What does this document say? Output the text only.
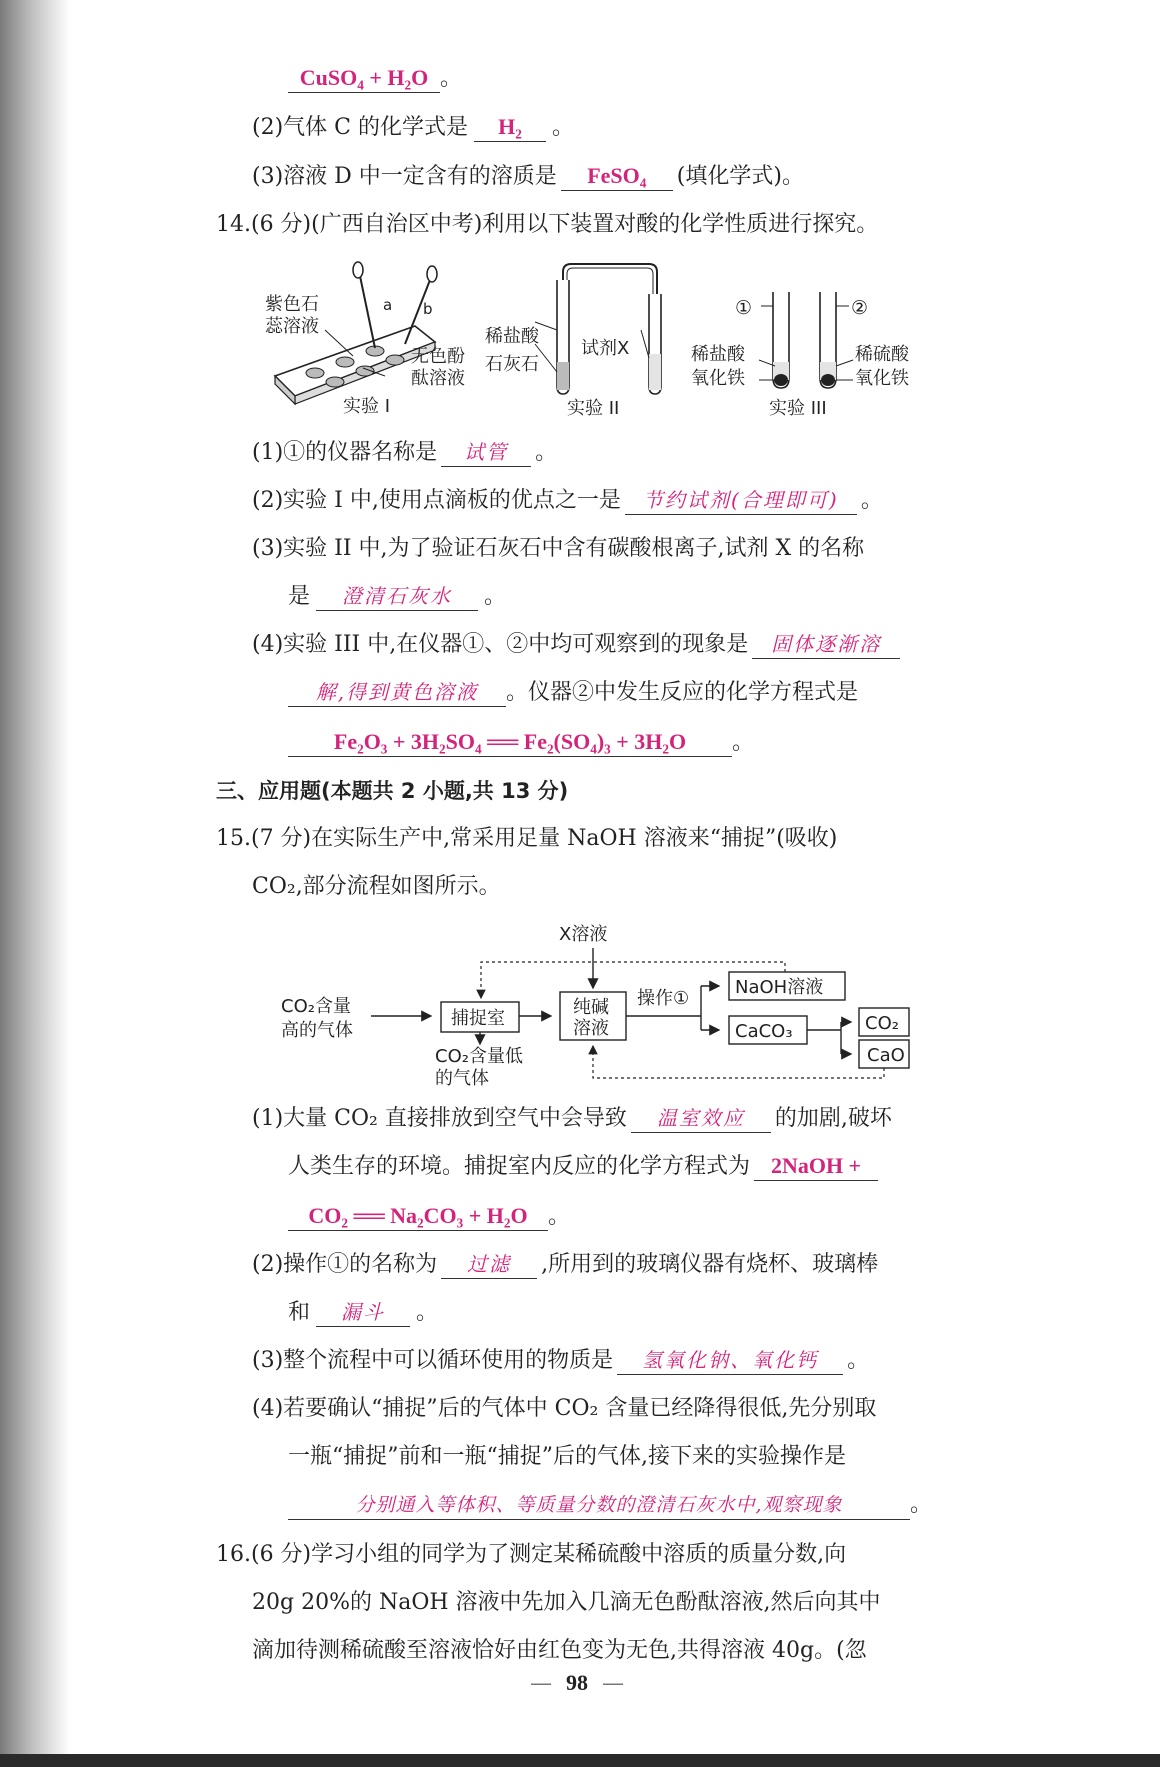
CuSO₄ + H₂O 。
(2)气体 C 的化学式是 H₂ 。
(3)溶液 D 中一定含有的溶质是 FeSO₄ (填化学式)。
14.(6 分)(广西自治区中考)利用以下装置对酸的化学性质进行探究。
紫色石
蕊溶液
a b
无色酚
酞溶液
实验 I
稀盐酸
石灰石
试剂X
实验 II
①	②
稀盐酸
氧化铁
稀硫酸
氧化铁
实验 III
(1)①的仪器名称是 试管 。
(2)实验 I 中,使用点滴板的优点之一是 节约试剂(合理即可) 。
(3)实验 II 中,为了验证石灰石中含有碳酸根离子,试剂 X 的名称
是 澄清石灰水 。
(4)实验 III 中,在仪器①、②中均可观察到的现象是 固体逐渐溶
解,得到黄色溶液 。仪器②中发生反应的化学方程式是
Fe₂O₃ + 3H₂SO₄ ══ Fe₂(SO₄)₃ + 3H₂O 。
三、应用题(本题共 2 小题,共 13 分)
15.(7 分)在实际生产中,常采用足量 NaOH 溶液来“捕捉”(吸收)
CO₂,部分流程如图所示。
X溶液
CO₂含量
高的气体
捕捉室
CO₂含量低
的气体
纯碱
溶液
操作①
NaOH溶液
CaCO₃	CO₂
CaO
(1)大量 CO₂ 直接排放到空气中会导致 温室效应 的加剧,破坏
人类生存的环境。捕捉室内反应的化学方程式为 2NaOH +
CO₂ ══ Na₂CO₃ + H₂O 。
(2)操作①的名称为 过滤 ,所用到的玻璃仪器有烧杯、玻璃棒
和 漏斗 。
(3)整个流程中可以循环使用的物质是 氢氧化钠、氧化钙 。
(4)若要确认“捕捉”后的气体中 CO₂ 含量已经降得很低,先分别取
一瓶“捕捉”前和一瓶“捕捉”后的气体,接下来的实验操作是
分别通入等体积、等质量分数的澄清石灰水中,观察现象	。
16.(6 分)学习小组的同学为了测定某稀硫酸中溶质的质量分数,向
20g 20%的 NaOH 溶液中先加入几滴无色酚酞溶液,然后向其中
滴加待测稀硫酸至溶液恰好由红色变为无色,共得溶液 40g。(忽
— 98 —
